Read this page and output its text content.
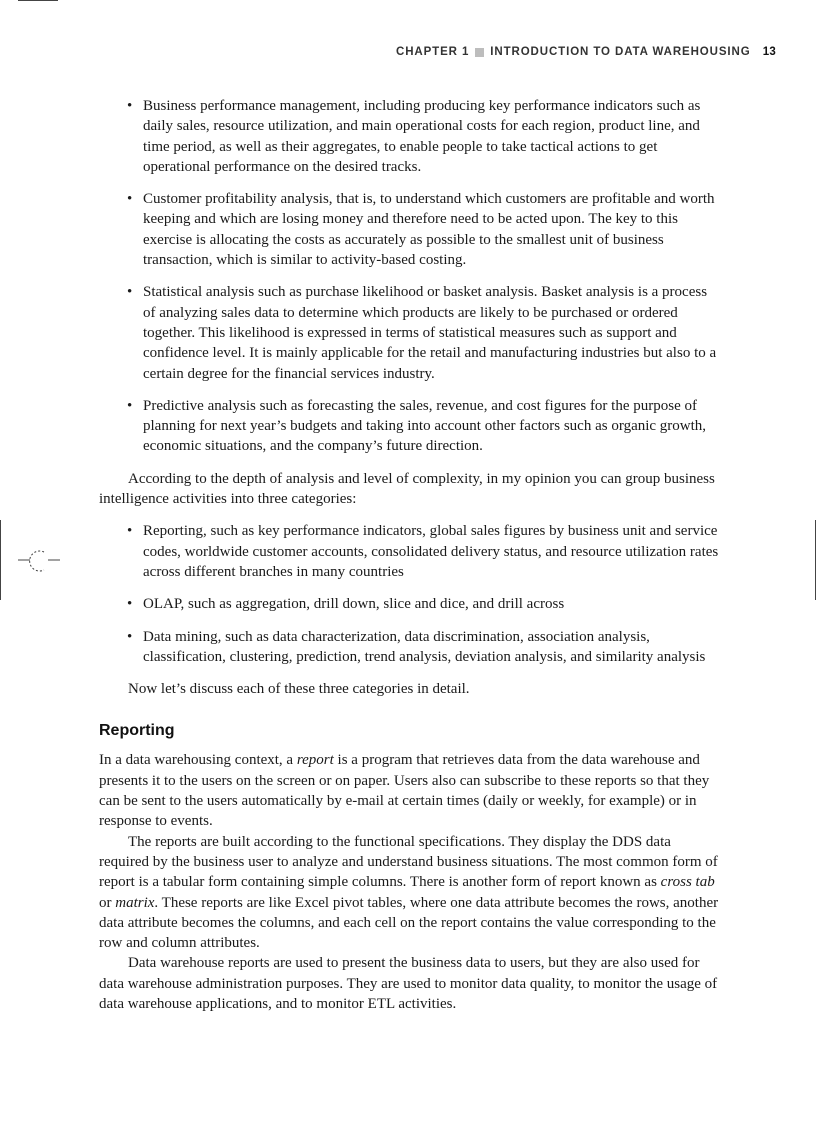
CHAPTER 1 INTRODUCTION TO DATA WAREHOUSING 13
• Business performance management, including producing key performance indicators such as daily sales, resource utilization, and main operational costs for each region, product line, and time period, as well as their aggregates, to enable people to take tactical actions to get operational performance on the desired tracks.
• Customer profitability analysis, that is, to understand which customers are profitable and worth keeping and which are losing money and therefore need to be acted upon. The key to this exercise is allocating the costs as accurately as possible to the smallest unit of business transaction, which is similar to activity-based costing.
• Statistical analysis such as purchase likelihood or basket analysis. Basket analysis is a process of analyzing sales data to determine which products are likely to be purchased or ordered together. This likelihood is expressed in terms of statistical measures such as support and confidence level. It is mainly applicable for the retail and manufacturing industries but also to a certain degree for the financial services industry.
• Predictive analysis such as forecasting the sales, revenue, and cost figures for the purpose of planning for next year’s budgets and taking into account other factors such as organic growth, economic situations, and the company’s future direction.

According to the depth of analysis and level of complexity, in my opinion you can group business intelligence activities into three categories:

• Reporting, such as key performance indicators, global sales figures by business unit and service codes, worldwide customer accounts, consolidated delivery status, and resource utilization rates across different branches in many countries
• OLAP, such as aggregation, drill down, slice and dice, and drill across
• Data mining, such as data characterization, data discrimination, association analysis, classification, clustering, prediction, trend analysis, deviation analysis, and similarity analysis

Now let’s discuss each of these three categories in detail.

Reporting

In a data warehousing context, a report is a program that retrieves data from the data warehouse and presents it to the users on the screen or on paper. Users also can subscribe to these reports so that they can be sent to the users automatically by e-mail at certain times (daily or weekly, for example) or in response to events.

The reports are built according to the functional specifications. They display the DDS data required by the business user to analyze and understand business situations. The most common form of report is a tabular form containing simple columns. There is another form of report known as cross tab or matrix. These reports are like Excel pivot tables, where one data attribute becomes the rows, another data attribute becomes the columns, and each cell on the report contains the value corresponding to the row and column attributes.

Data warehouse reports are used to present the business data to users, but they are also used for data warehouse administration purposes. They are used to monitor data quality, to monitor the usage of data warehouse applications, and to monitor ETL activities.
